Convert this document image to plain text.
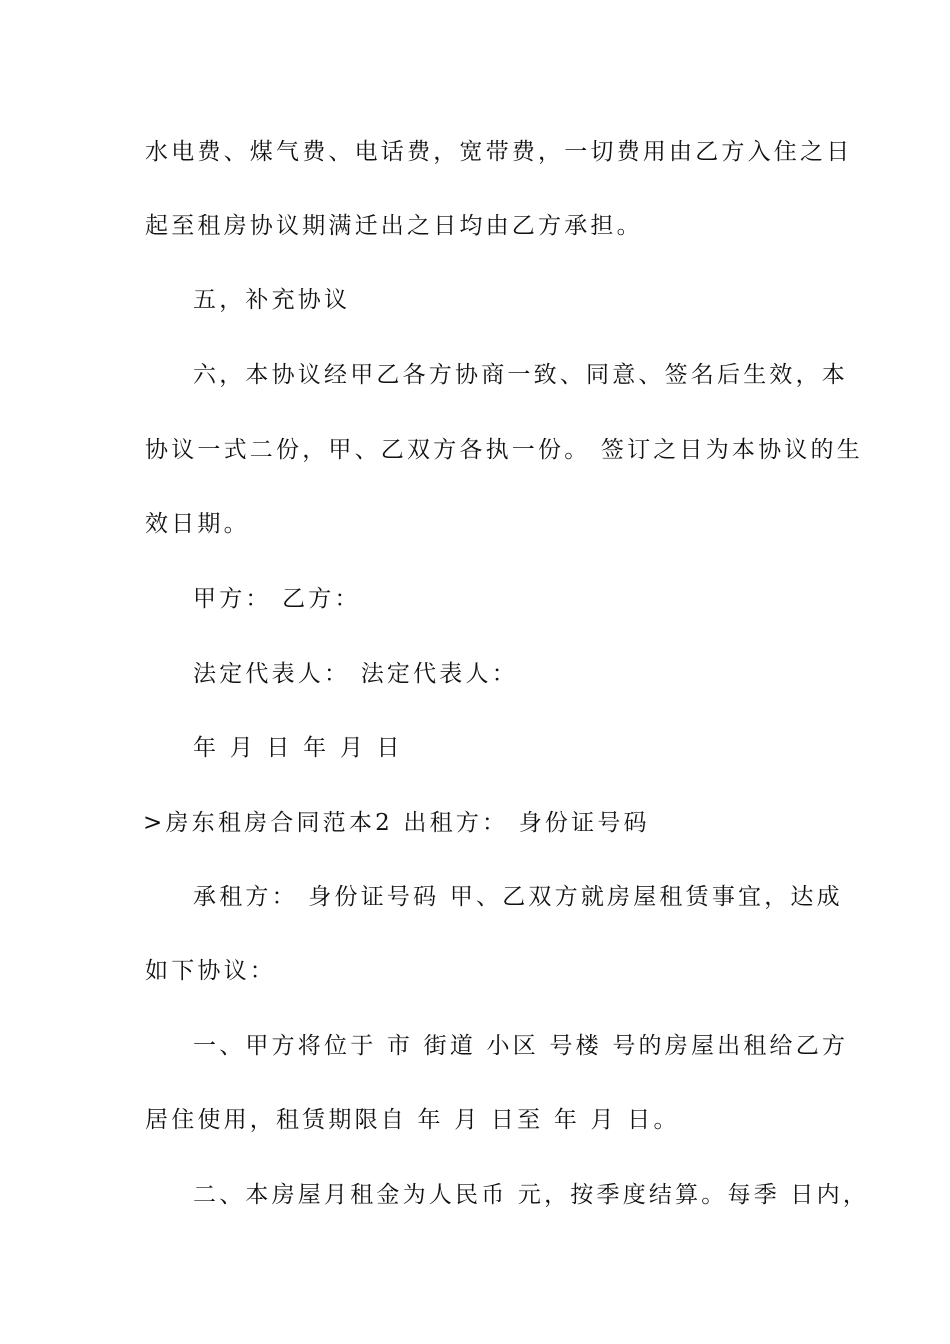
水电费、煤气费、电话费，宽带费，一切费用由乙方入住之日
起至租房协议期满迁出之日均由乙方承担。
五，补充协议
六，本协议经甲乙各方协商一致、同意、签名后生效，本
协议一式二份，甲、乙双方各执一份。 签订之日为本协议的生
效日期。
甲方： 乙方：
法定代表人： 法定代表人：
年 月 日 年 月 日
>房东租房合同范本2 出租方： 身份证号码
承租方： 身份证号码 甲、乙双方就房屋租赁事宜，达成
如下协议：
一、甲方将位于 市 街道 小区 号楼 号的房屋出租给乙方
居住使用，租赁期限自 年 月 日至 年 月 日。
二、本房屋月租金为人民币 元，按季度结算。每季 日内，
